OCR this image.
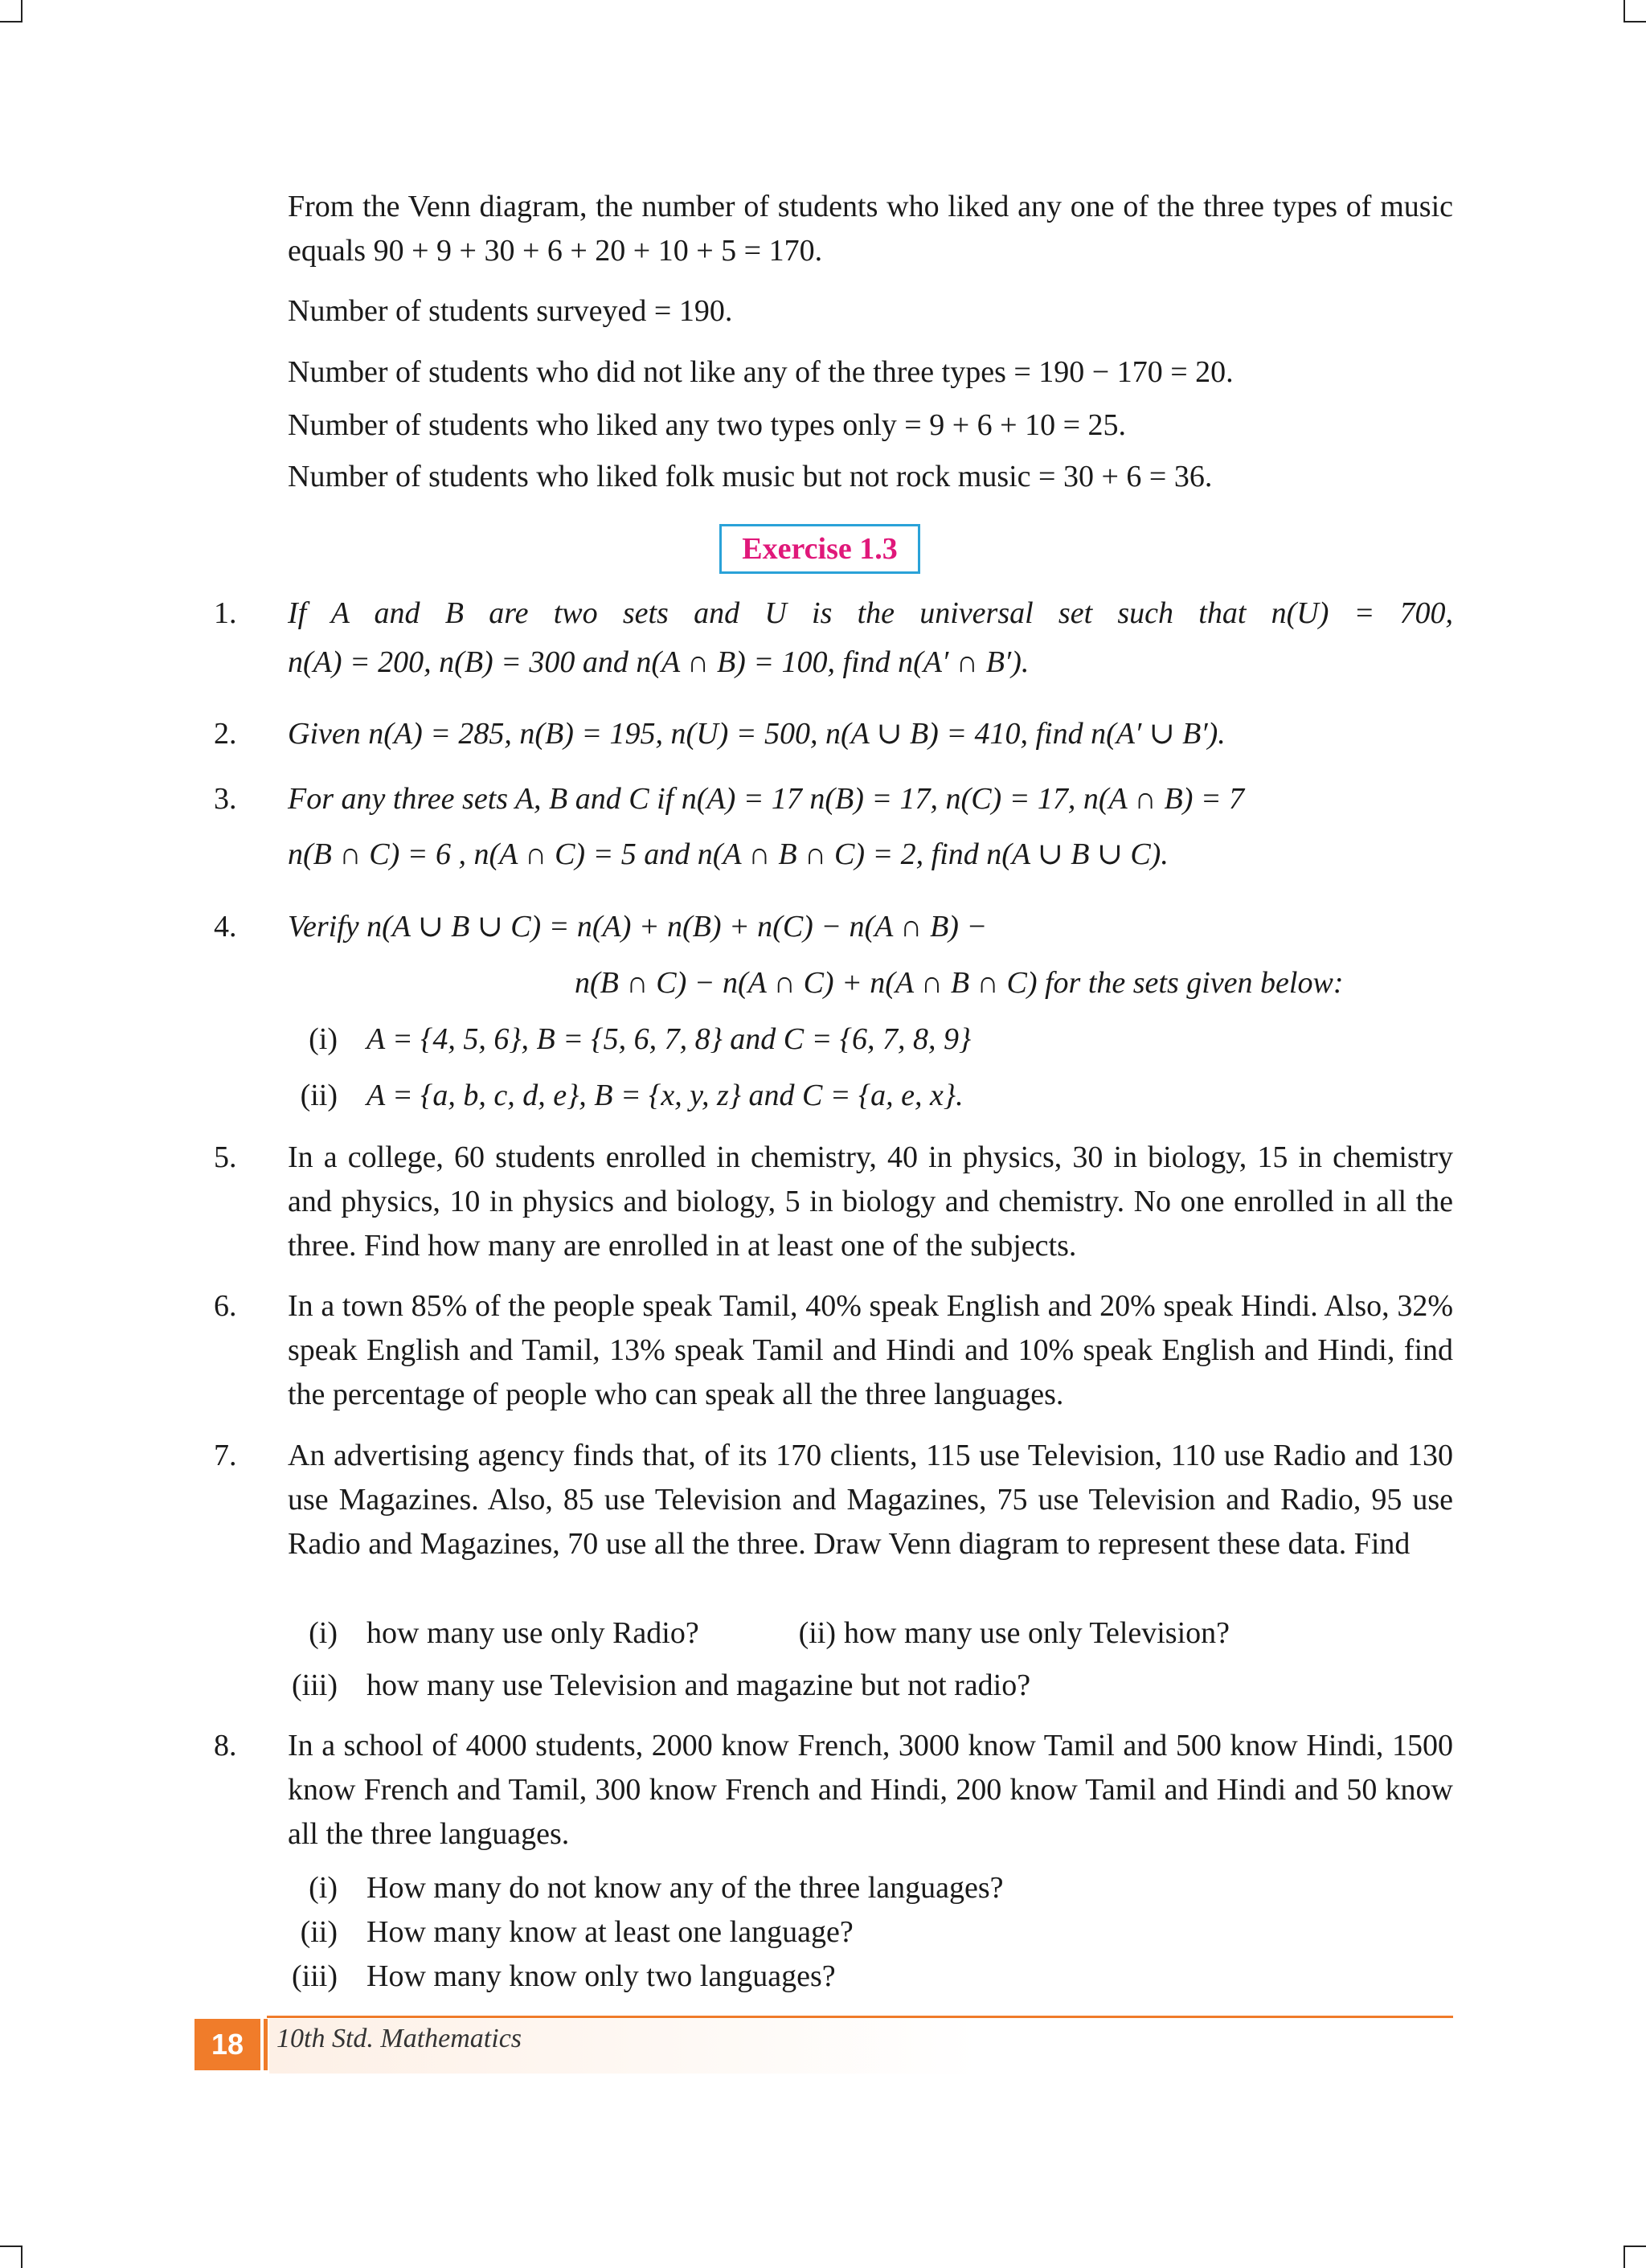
From the Venn diagram, the number of students who liked any one of the three types of music equals 90 + 9 + 30 + 6 + 20 + 10 + 5 = 170.
Number of students surveyed = 190.
Number of students who did not like any of the three types = 190 − 170 = 20.
Number of students who liked any two types only = 9 + 6 + 10 = 25.
Number of students who liked folk music but not rock music = 30 + 6 = 36.
Exercise 1.3
1. If A and B are two sets and U is the universal set such that n(U) = 700,
n(A) = 200, n(B) = 300 and n(A ∩ B) = 100, find n(A′ ∩ B′).
2. Given n(A) = 285, n(B) = 195, n(U) = 500, n(A ∪ B) = 410, find n(A′ ∪ B′).
3. For any three sets A, B and C if n(A) = 17 n(B) = 17, n(C) = 17, n(A ∩ B) = 7
n(B ∩ C) = 6 , n(A ∩ C) = 5 and n(A ∩ B ∩ C) = 2, find n(A ∪ B ∪ C).
4. Verify n(A ∪ B ∪ C) = n(A) + n(B) + n(C) − n(A ∩ B) −
n(B ∩ C) − n(A ∩ C) + n(A ∩ B ∩ C) for the sets given below:
(i) A = {4, 5, 6}, B = {5, 6, 7, 8} and C = {6, 7, 8, 9}
(ii) A = {a, b, c, d, e}, B = {x, y, z} and C = {a, e, x}.
5. In a college, 60 students enrolled in chemistry, 40 in physics, 30 in biology, 15 in chemistry and physics, 10 in physics and biology, 5 in biology and chemistry. No one enrolled in all the three. Find how many are enrolled in at least one of the subjects.
6. In a town 85% of the people speak Tamil, 40% speak English and 20% speak Hindi. Also, 32% speak English and Tamil, 13% speak Tamil and Hindi and 10% speak English and Hindi, find the percentage of people who can speak all the three languages.
7. An advertising agency finds that, of its 170 clients, 115 use Television, 110 use Radio and 130 use Magazines. Also, 85 use Television and Magazines, 75 use Television and Radio, 95 use Radio and Magazines, 70 use all the three. Draw Venn diagram to represent these data. Find
(i) how many use only Radio?	(ii) how many use only Television?
(iii) how many use Television and magazine but not radio?
8. In a school of 4000 students, 2000 know French, 3000 know Tamil and 500 know Hindi, 1500 know French and Tamil, 300 know French and Hindi, 200 know Tamil and Hindi and 50 know all the three languages.
(i) How many do not know any of the three languages?
(ii) How many know at least one language?
(iii) How many know only two languages?
18	10th Std. Mathematics
